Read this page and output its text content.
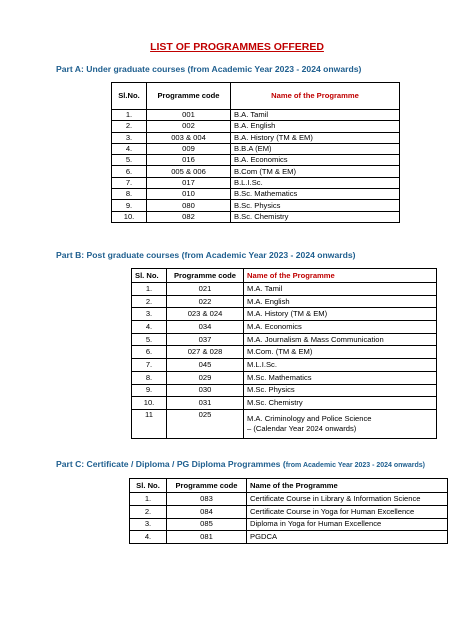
LIST OF PROGRAMMES OFFERED
Part A: Under graduate courses (from Academic Year 2023 - 2024 onwards)
Sl.No.	Programme code	Name of the Programme
1.	001	B.A. Tamil
2.	002	B.A. English
3.	003 & 004	B.A. History (TM & EM)
4.	009	B.B.A (EM)
5.	016	B.A. Economics
6.	005 & 006	B.Com (TM & EM)
7.	017	B.L.I.Sc.
8.	010	B.Sc. Mathematics
9.	080	B.Sc. Physics
10.	082	B.Sc. Chemistry
Part B: Post graduate courses (from Academic Year 2023 - 2024 onwards)
Sl. No.	Programme code	Name of the Programme
1.	021	M.A. Tamil
2.	022	M.A. English
3.	023 & 024	M.A. History (TM & EM)
4.	034	M.A. Economics
5.	037	M.A. Journalism & Mass Communication
6.	027 & 028	M.Com. (TM & EM)
7.	045	M.L.I.Sc.
8.	029	M.Sc. Mathematics
9.	030	M.Sc. Physics
10.	031	M.Sc. Chemistry
11	025	M.A. Criminology and Police Science
– (Calendar Year 2024 onwards)
Part C: Certificate / Diploma / PG Diploma Programmes (from Academic Year 2023 - 2024 onwards)
Sl. No.	Programme code	Name of the Programme
1.	083	Certificate Course in Library & Information Science
2.	084	Certificate Course in Yoga for Human Excellence
3.	085	Diploma in Yoga for Human Excellence
4.	081	PGDCA
